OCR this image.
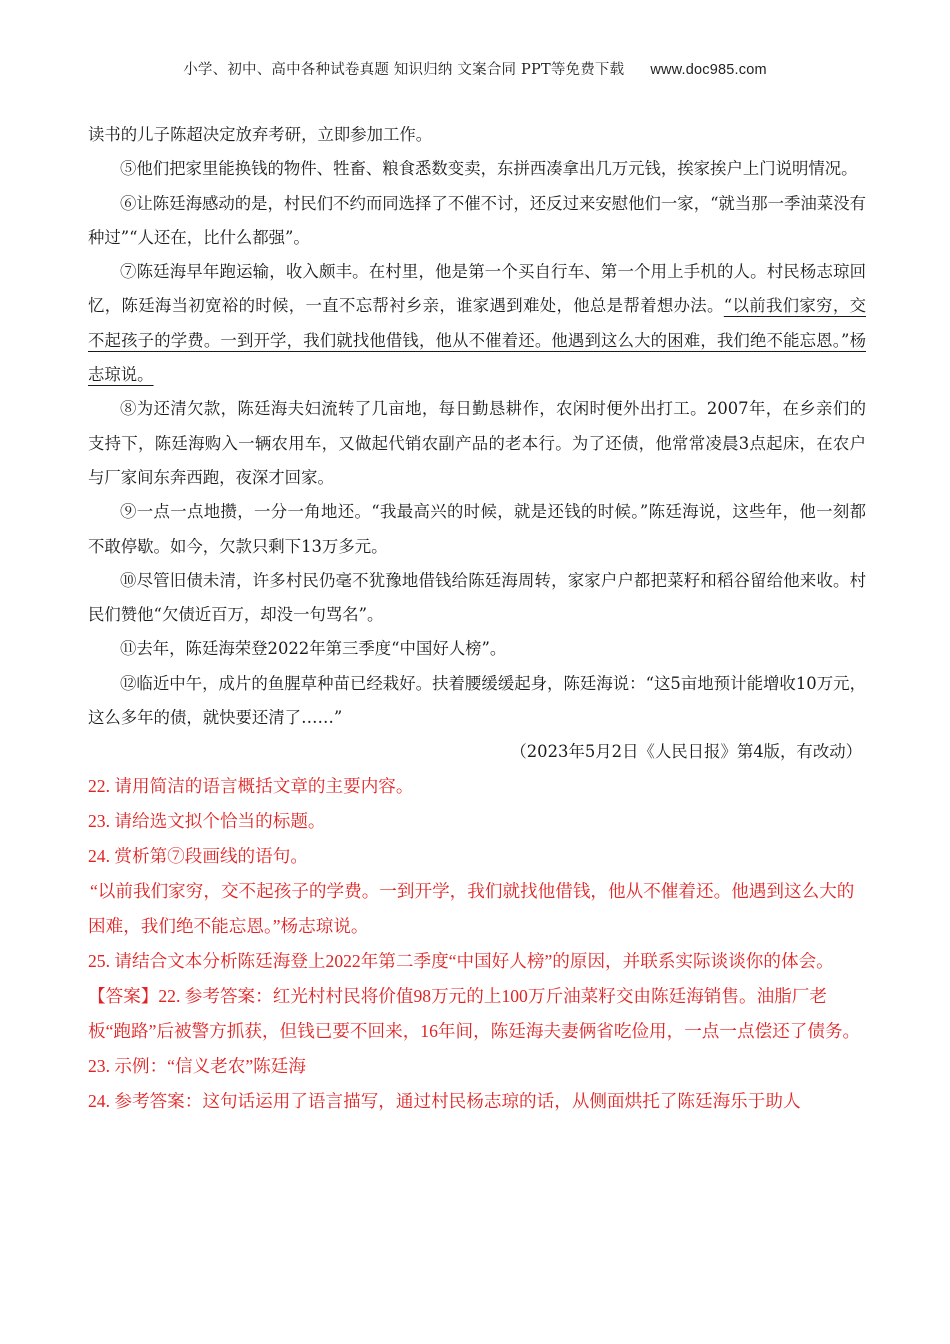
小学、初中、高中各种试卷真题 知识归纳 文案合同 PPT等免费下载 www.doc985.com

读书的儿子陈超决定放弃考研，立即参加工作。

⑤他们把家里能换钱的物件、牲畜、粮食悉数变卖，东拼西凑拿出几万元钱，挨家挨户上门说明情况。

⑥让陈廷海感动的是，村民们不约而同选择了不催不讨，还反过来安慰他们一家，“就当那一季油菜没有种过”“人还在，比什么都强”。

⑦陈廷海早年跑运输，收入颇丰。在村里，他是第一个买自行车、第一个用上手机的人。村民杨志琼回忆，陈廷海当初宽裕的时候，一直不忘帮衬乡亲，谁家遇到难处，他总是帮着想办法。“以前我们家穷，交不起孩子的学费。一到开学，我们就找他借钱，他从不催着还。他遇到这么大的困难，我们绝不能忘恩。”杨志琼说。

⑧为还清欠款，陈廷海夫妇流转了几亩地，每日勤恳耕作，农闲时便外出打工。2007年，在乡亲们的支持下，陈廷海购入一辆农用车，又做起代销农副产品的老本行。为了还债，他常常凌晨3点起床，在农户与厂家间东奔西跑，夜深才回家。

⑨一点一点地攒，一分一角地还。“我最高兴的时候，就是还钱的时候。”陈廷海说，这些年，他一刻都不敢停歇。如今，欠款只剩下13万多元。

⑩尽管旧债未清，许多村民仍毫不犹豫地借钱给陈廷海周转，家家户户都把菜籽和稻谷留给他来收。村民们赞他“欠债近百万，却没一句骂名”。

⑪去年，陈廷海荣登2022年第三季度“中国好人榜”。

⑫临近中午，成片的鱼腥草种苗已经栽好。扶着腰缓缓起身，陈廷海说：“这5亩地预计能增收10万元，这么多年的债，就快要还清了……”

（2023年5月2日《人民日报》第4版，有改动）

22. 请用简洁的语言概括文章的主要内容。

23. 请给选文拟个恰当的标题。

24. 赏析第⑦段画线的语句。

“以前我们家穷，交不起孩子的学费。一到开学，我们就找他借钱，他从不催着还。他遇到这么大的困难，我们绝不能忘恩。”杨志琼说。

25. 请结合文本分析陈廷海登上2022年第二季度“中国好人榜”的原因，并联系实际谈谈你的体会。

【答案】22. 参考答案：红光村村民将价值98万元的上100万斤油菜籽交由陈廷海销售。油脂厂老板“跑路”后被警方抓获，但钱已要不回来，16年间，陈廷海夫妻俩省吃俭用，一点一点偿还了债务。

23. 示例：“信义老农”陈廷海

24. 参考答案：这句话运用了语言描写，通过村民杨志琼的话，从侧面烘托了陈廷海乐于助人
